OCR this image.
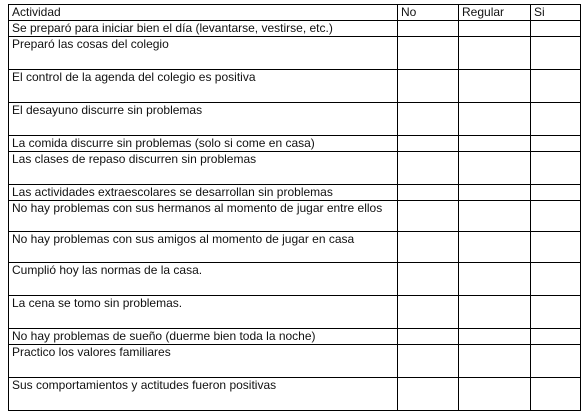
Actividad	No	Regular	Si
Se preparó para iniciar bien el día (levantarse, vestirse, etc.)			
Preparó las cosas del colegio			
El control de la agenda del colegio es positiva			
El desayuno discurre sin problemas			
La comida discurre sin problemas (solo si come en casa)			
Las clases de repaso discurren sin problemas			
Las actividades extraescolares se desarrollan sin problemas			
No hay problemas con sus hermanos al momento de jugar entre ellos			
No hay problemas con sus amigos al momento de jugar en casa			
Cumplió hoy las normas de la casa.			
La cena se tomo sin problemas.			
No hay problemas de sueño (duerme bien toda la noche)			
Practico los valores familiares			
Sus comportamientos y actitudes fueron positivas			
